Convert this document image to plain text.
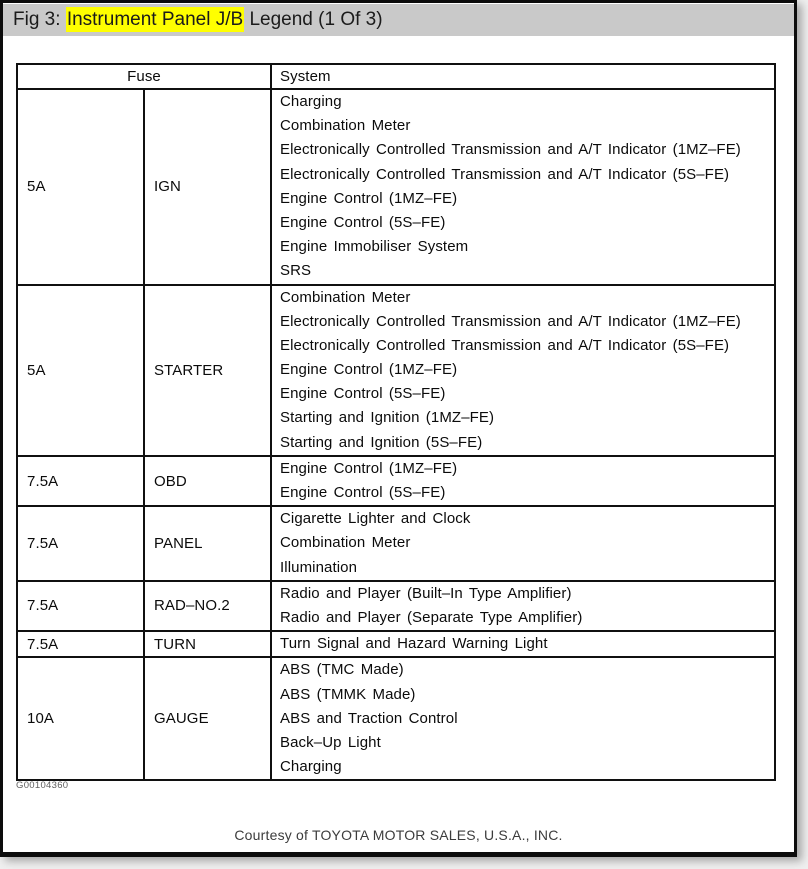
Fig 3: Instrument Panel J/B Legend (1 Of 3)
Fuse		System
5A	IGN	
Charging
Combination Meter
Electronically Controlled Transmission and A/T Indicator (1MZ–FE)
Electronically Controlled Transmission and A/T Indicator (5S–FE)
Engine Control (1MZ–FE)
Engine Control (5S–FE)
Engine Immobiliser System
SRS

5A	STARTER	
Combination Meter
Electronically Controlled Transmission and A/T Indicator (1MZ–FE)
Electronically Controlled Transmission and A/T Indicator (5S–FE)
Engine Control (1MZ–FE)
Engine Control (5S–FE)
Starting and Ignition (1MZ–FE)
Starting and Ignition (5S–FE)

7.5A	OBD	Engine Control (1MZ–FE)
Engine Control (5S–FE)

7.5A	PANEL	Cigarette Lighter and Clock
Combination Meter
Illumination

7.5A	RAD–NO.2	Radio and Player (Built–In Type Amplifier)
Radio and Player (Separate Type Amplifier)

7.5A	TURN	Turn Signal and Hazard Warning Light

10A	GAUGE	ABS (TMC Made)
ABS (TMMK Made)
ABS and Traction Control
Back–Up Light
Charging
G00104360
Courtesy of TOYOTA MOTOR SALES, U.S.A., INC.
